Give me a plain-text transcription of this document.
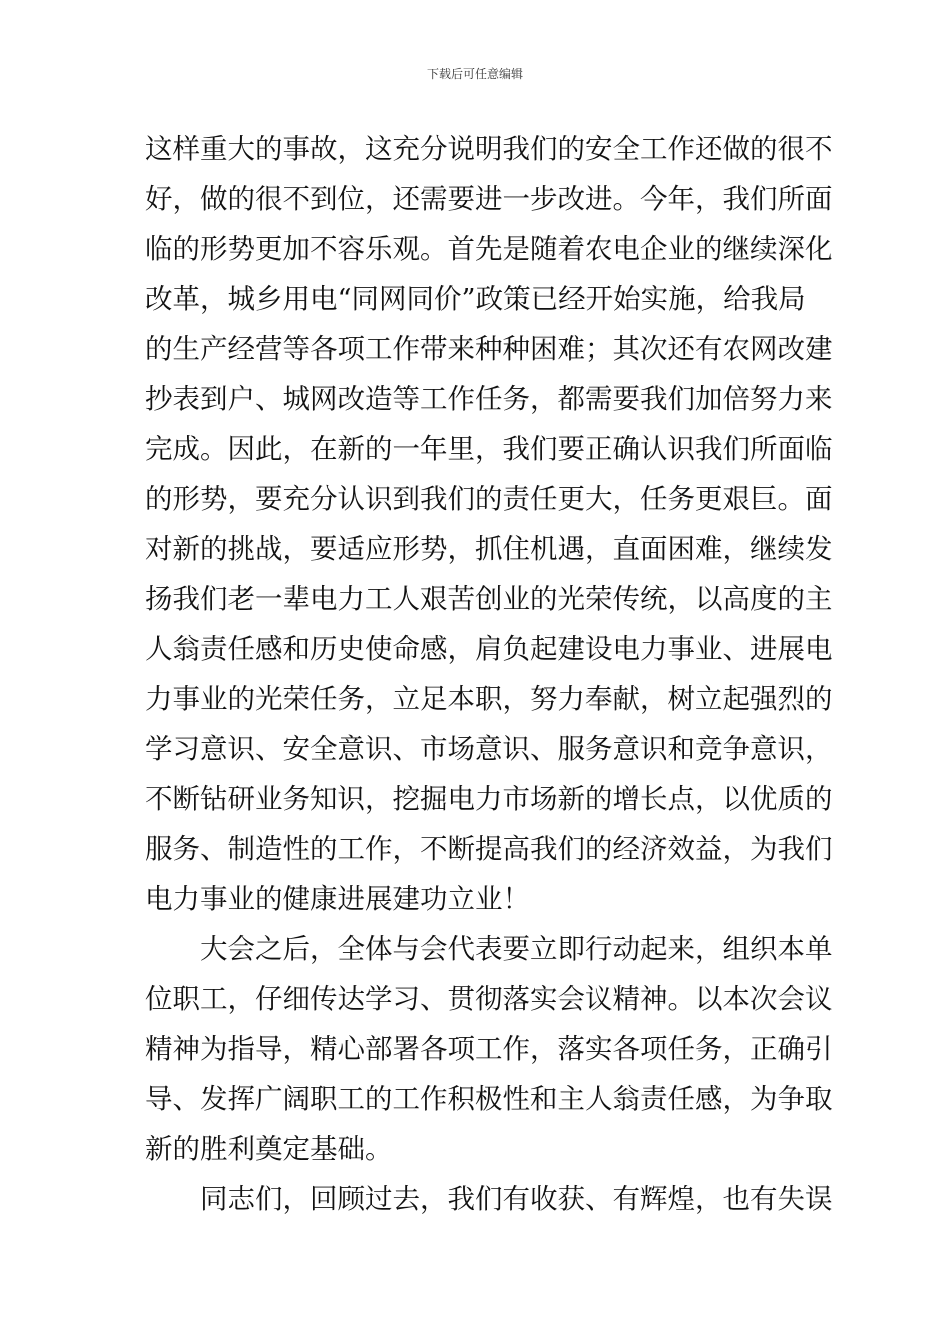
下载后可任意编辑
这样重大的事故，这充分说明我们的安全工作还做的很不
好，做的很不到位，还需要进一步改进。今年，我们所面
临的形势更加不容乐观。首先是随着农电企业的继续深化
改革，城乡用电“同网同价”政策已经开始实施，给我局
的生产经营等各项工作带来种种困难；其次还有农网改建
抄表到户、城网改造等工作任务，都需要我们加倍努力来
完成。因此，在新的一年里，我们要正确认识我们所面临
的形势，要充分认识到我们的责任更大，任务更艰巨。面
对新的挑战，要适应形势，抓住机遇，直面困难，继续发
扬我们老一辈电力工人艰苦创业的光荣传统，以高度的主
人翁责任感和历史使命感，肩负起建设电力事业、进展电
力事业的光荣任务，立足本职，努力奉献，树立起强烈的
学习意识、安全意识、市场意识、服务意识和竞争意识，
不断钻研业务知识，挖掘电力市场新的增长点，以优质的
服务、制造性的工作，不断提高我们的经济效益，为我们
电力事业的健康进展建功立业！
大会之后，全体与会代表要立即行动起来，组织本单
位职工，仔细传达学习、贯彻落实会议精神。以本次会议
精神为指导，精心部署各项工作，落实各项任务，正确引
导、发挥广阔职工的工作积极性和主人翁责任感，为争取
新的胜利奠定基础。
同志们，回顾过去，我们有收获、有辉煌，也有失误
